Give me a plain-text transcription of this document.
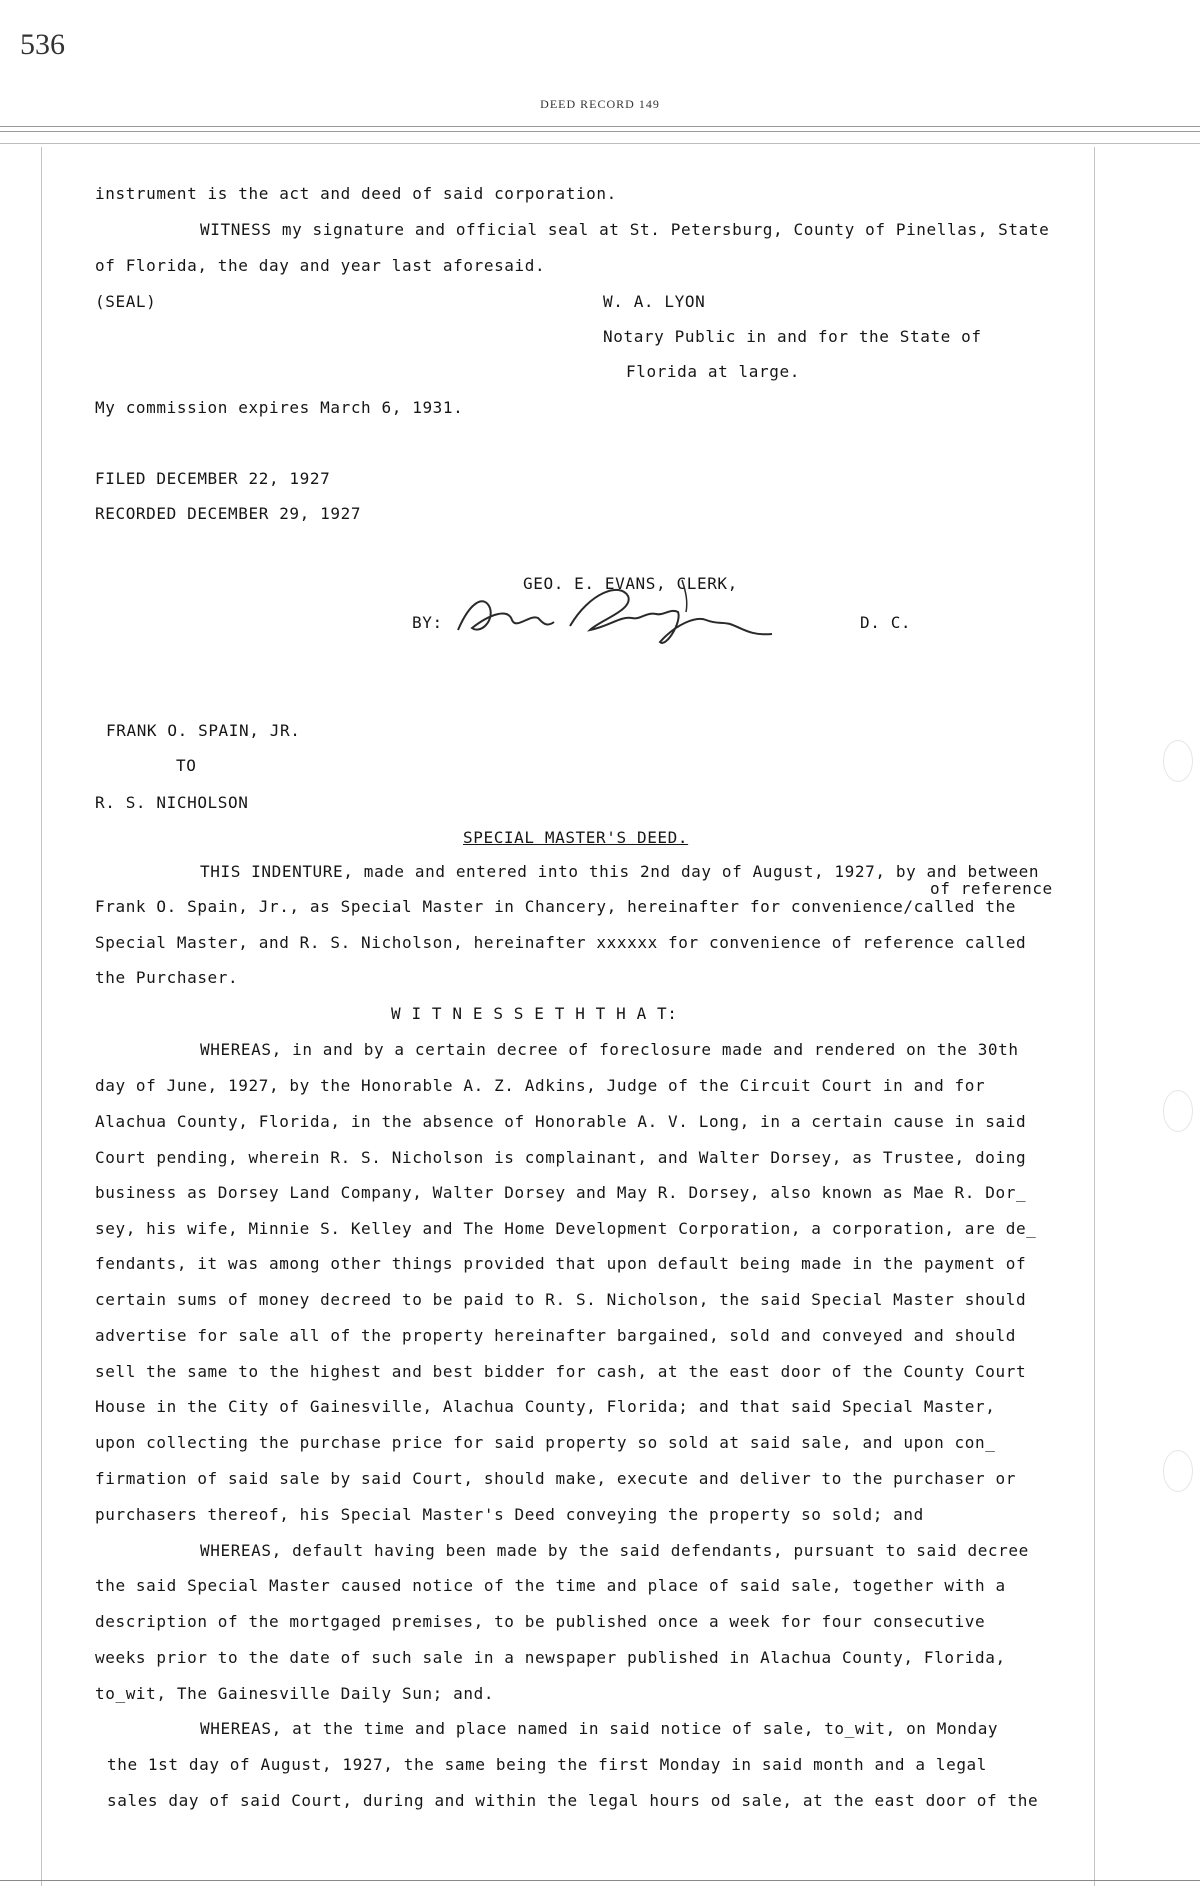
536
DEED RECORD 149
instrument is the act and deed of said corporation.
WITNESS my signature and official seal at St. Petersburg, County of Pinellas, State
of Florida, the day and year last aforesaid.
(SEAL)	W. A. LYON
Notary Public in and for the State of
Florida at large.
My commission expires March 6, 1931.
FILED DECEMBER 22, 1927
RECORDED DECEMBER 29, 1927
GEO. E. EVANS, CLERK,
BY:	D. C.
FRANK O. SPAIN, JR.
TO
R. S. NICHOLSON
SPECIAL MASTER'S DEED.
THIS INDENTURE, made and entered into this 2nd day of August, 1927, by and between
of reference
Frank O. Spain, Jr., as Special Master in Chancery, hereinafter for convenience/called the
Special Master, and R. S. Nicholson, hereinafter xxxxxx for convenience of reference called
the Purchaser.
W I T N E S S E T H T H A T:
WHEREAS, in and by a certain decree of foreclosure made and rendered on the 30th
day of June, 1927, by the Honorable A. Z. Adkins, Judge of the Circuit Court in and for
Alachua County, Florida, in the absence of Honorable A. V. Long, in a certain cause in said
Court pending, wherein R. S. Nicholson is complainant, and Walter Dorsey, as Trustee, doing
business as Dorsey Land Company, Walter Dorsey and May R. Dorsey, also known as Mae R. Dor_
sey, his wife, Minnie S. Kelley and The Home Development Corporation, a corporation, are de_
fendants, it was among other things provided that upon default being made in the payment of
certain sums of money decreed to be paid to R. S. Nicholson, the said Special Master should
advertise for sale all of the property hereinafter bargained, sold and conveyed and should
sell the same to the highest and best bidder for cash, at the east door of the County Court
House in the City of Gainesville, Alachua County, Florida; and that said Special Master,
upon collecting the purchase price for said property so sold at said sale, and upon con_
firmation of said sale by said Court, should make, execute and deliver to the purchaser or
purchasers thereof, his Special Master's Deed conveying the property so sold; and
WHEREAS, default having been made by the said defendants, pursuant to said decree
the said Special Master caused notice of the time and place of said sale, together with a
description of the mortgaged premises, to be published once a week for four consecutive
weeks prior to the date of such sale in a newspaper published in Alachua County, Florida,
to_wit, The Gainesville Daily Sun; and.
WHEREAS, at the time and place named in said notice of sale, to_wit, on Monday
the 1st day of August, 1927, the same being the first Monday in said month and a legal
sales day of said Court, during and within the legal hours od sale, at the east door of the
